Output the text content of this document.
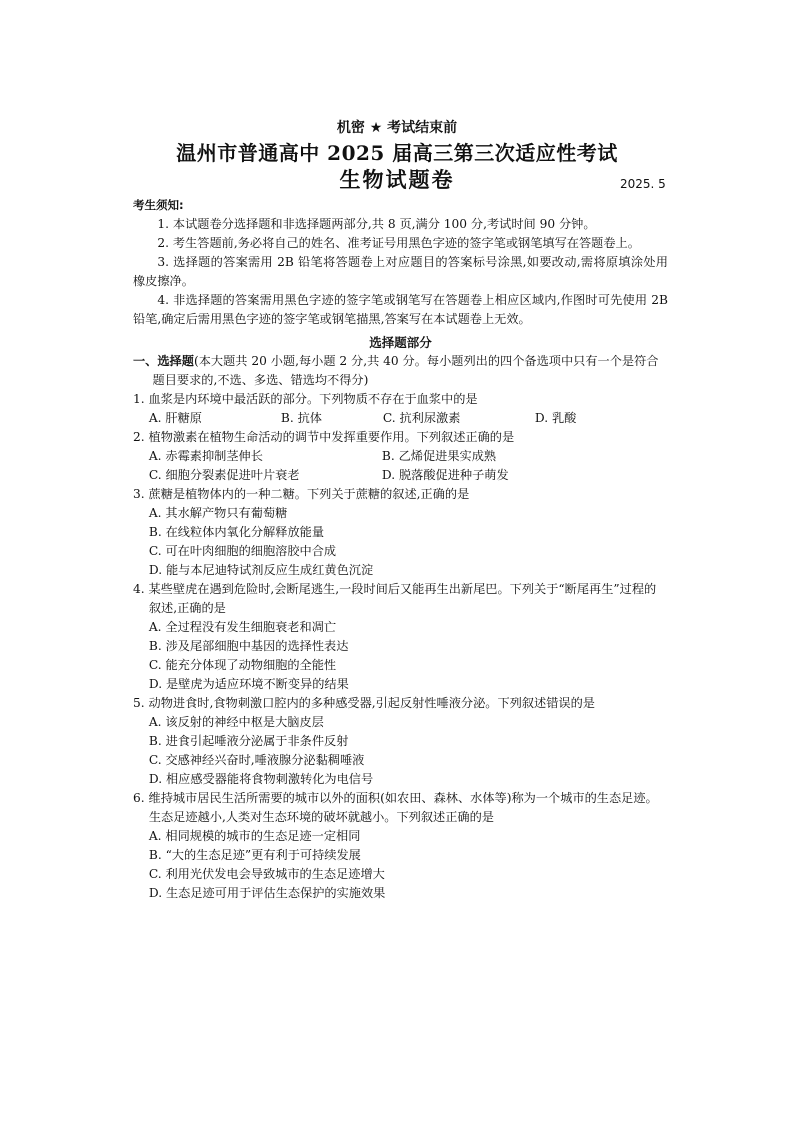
机密 ★ 考试结束前
温州市普通高中 2025 届高三第三次适应性考试
生物试题卷	2025. 5
考生须知:
1. 本试题卷分选择题和非选择题两部分,共 8 页,满分 100 分,考试时间 90 分钟。
2. 考生答题前,务必将自己的姓名、准考证号用黑色字迹的签字笔或钢笔填写在答题卷上。
3. 选择题的答案需用 2B 铅笔将答题卷上对应题目的答案标号涂黑,如要改动,需将原填涂处用橡皮擦净。
4. 非选择题的答案需用黑色字迹的签字笔或钢笔写在答题卷上相应区域内,作图时可先使用 2B 铅笔,确定后需用黑色字迹的签字笔或钢笔描黑,答案写在本试题卷上无效。
选择题部分
一、选择题(本大题共 20 小题,每小题 2 分,共 40 分。每小题列出的四个备选项中只有一个是符合题目要求的,不选、多选、错选均不得分)
1. 血浆是内环境中最活跃的部分。下列物质不存在于血浆中的是
A. 肝糖原	B. 抗体	C. 抗利尿激素	D. 乳酸
2. 植物激素在植物生命活动的调节中发挥重要作用。下列叙述正确的是
A. 赤霉素抑制茎伸长	B. 乙烯促进果实成熟
C. 细胞分裂素促进叶片衰老	D. 脱落酸促进种子萌发
3. 蔗糖是植物体内的一种二糖。下列关于蔗糖的叙述,正确的是
A. 其水解产物只有葡萄糖
B. 在线粒体内氧化分解释放能量
C. 可在叶肉细胞的细胞溶胶中合成
D. 能与本尼迪特试剂反应生成红黄色沉淀
4. 某些壁虎在遇到危险时,会断尾逃生,一段时间后又能再生出新尾巴。下列关于“断尾再生”过程的叙述,正确的是
A. 全过程没有发生细胞衰老和凋亡
B. 涉及尾部细胞中基因的选择性表达
C. 能充分体现了动物细胞的全能性
D. 是壁虎为适应环境不断变异的结果
5. 动物进食时,食物刺激口腔内的多种感受器,引起反射性唾液分泌。下列叙述错误的是
A. 该反射的神经中枢是大脑皮层
B. 进食引起唾液分泌属于非条件反射
C. 交感神经兴奋时,唾液腺分泌黏稠唾液
D. 相应感受器能将食物刺激转化为电信号
6. 维持城市居民生活所需要的城市以外的面积(如农田、森林、水体等)称为一个城市的生态足迹。生态足迹越小,人类对生态环境的破坏就越小。下列叙述正确的是
A. 相同规模的城市的生态足迹一定相同
B. “大的生态足迹”更有利于可持续发展
C. 利用光伏发电会导致城市的生态足迹增大
D. 生态足迹可用于评估生态保护的实施效果
